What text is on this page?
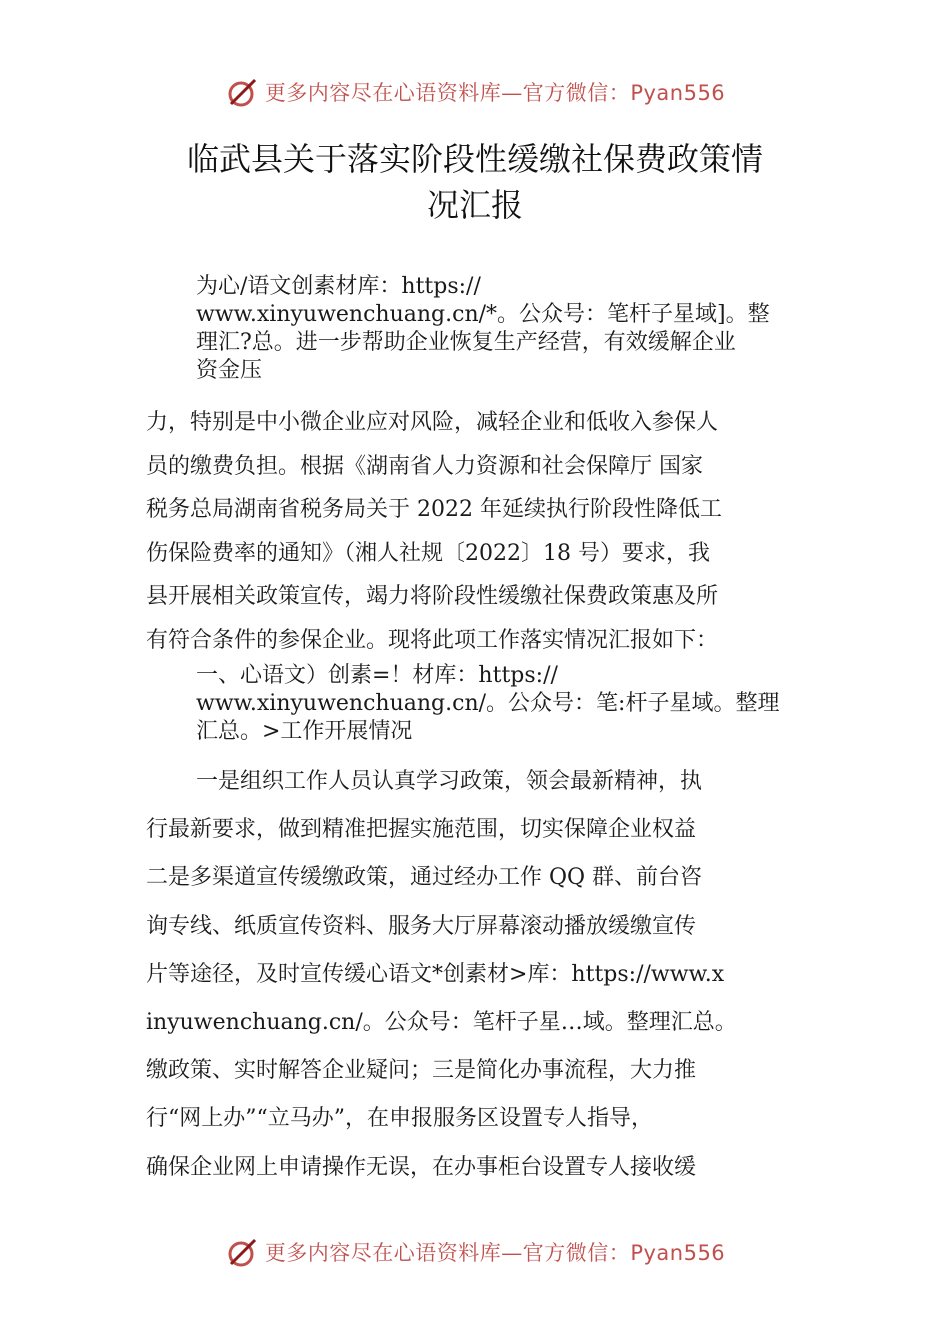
更多内容尽在心语资料库—官方微信：Pyan556
临武县关于落实阶段性缓缴社保费政策情
况汇报
为心/语文创素材库：https://
www.xinyuwenchuang.cn/*。公众号：笔杆子星域]。整
理汇?总。进一步帮助企业恢复生产经营，有效缓解企业
资金压
力，特别是中小微企业应对风险，减轻企业和低收入参保人
员的缴费负担。根据《湖南省人力资源和社会保障厅 国家
税务总局湖南省税务局关于 2022 年延续执行阶段性降低工
伤保险费率的通知》（湘人社规〔2022〕18 号）要求，我
县开展相关政策宣传，竭力将阶段性缓缴社保费政策惠及所
有符合条件的参保企业。现将此项工作落实情况汇报如下：
一、心语文）创素=！材库：https://
www.xinyuwenchuang.cn/。公众号：笔:杆子星域。整理
汇总。>工作开展情况
一是组织工作人员认真学习政策，领会最新精神，执
行最新要求，做到精准把握实施范围，切实保障企业权益
二是多渠道宣传缓缴政策，通过经办工作 QQ 群、前台咨
询专线、纸质宣传资料、服务大厅屏幕滚动播放缓缴宣传
片等途径，及时宣传缓心语文*创素材>库：https://www.x
inyuwenchuang.cn/。公众号：笔杆子星…域。整理汇总。
缴政策、实时解答企业疑问；三是简化办事流程，大力推
行“网上办”“立马办”，在申报服务区设置专人指导，
确保企业网上申请操作无误，在办事柜台设置专人接收缓
更多内容尽在心语资料库—官方微信：Pyan556
